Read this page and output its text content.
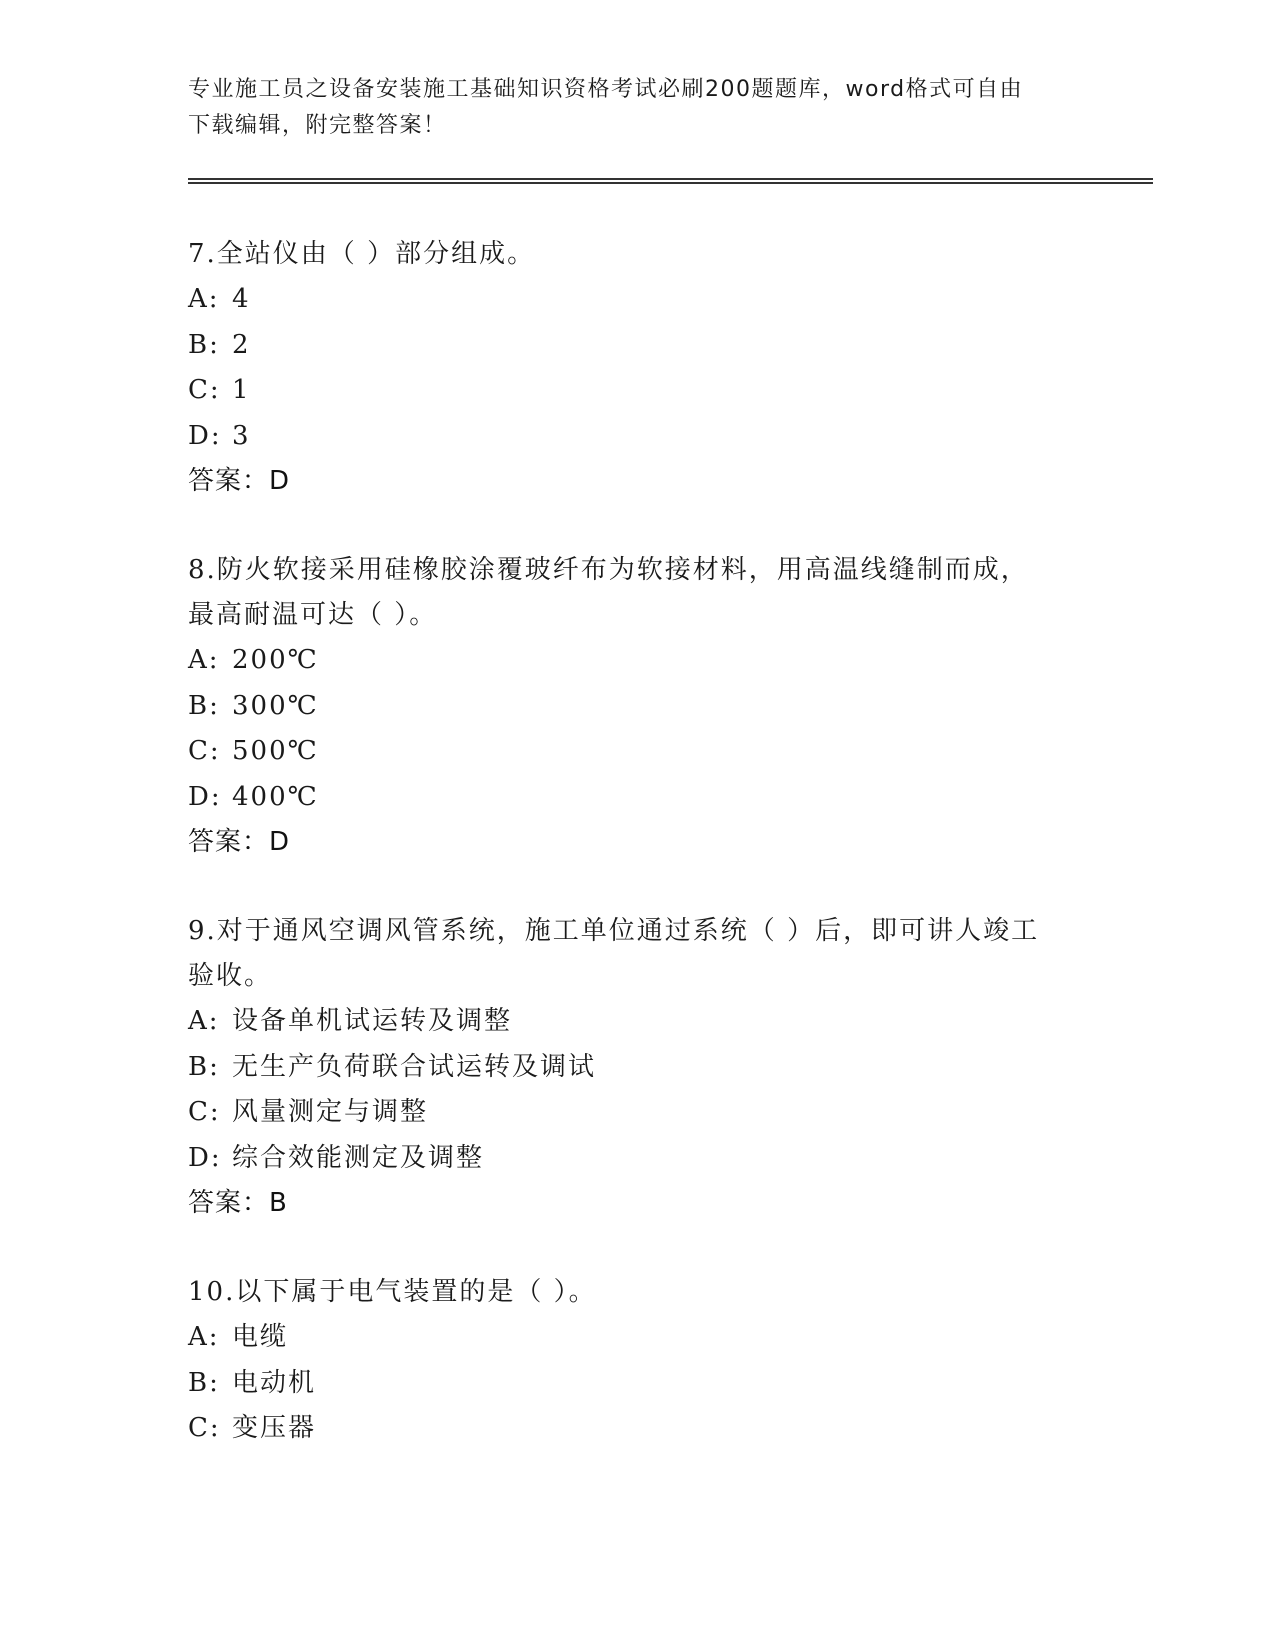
专业施工员之设备安装施工基础知识资格考试必刷200题题库，word格式可自由
下载编辑，附完整答案！

7.全站仪由（ ）部分组成。

A: 4

B: 2

C: 1

D: 3

答案：D

8.防火软接采用硅橡胶涂覆玻纤布为软接材料，用高温线缝制而成，

最高耐温可达（ ）。

A: 200℃

B: 300℃

C: 500℃

D: 400℃

答案：D

9.对于通风空调风管系统，施工单位通过系统（ ）后，即可讲人竣工

验收。

A: 设备单机试运转及调整

B: 无生产负荷联合试运转及调试

C: 风量测定与调整

D: 综合效能测定及调整

答案：B

10.以下属于电气装置的是（ ）。

A: 电缆

B: 电动机

C: 变压器
